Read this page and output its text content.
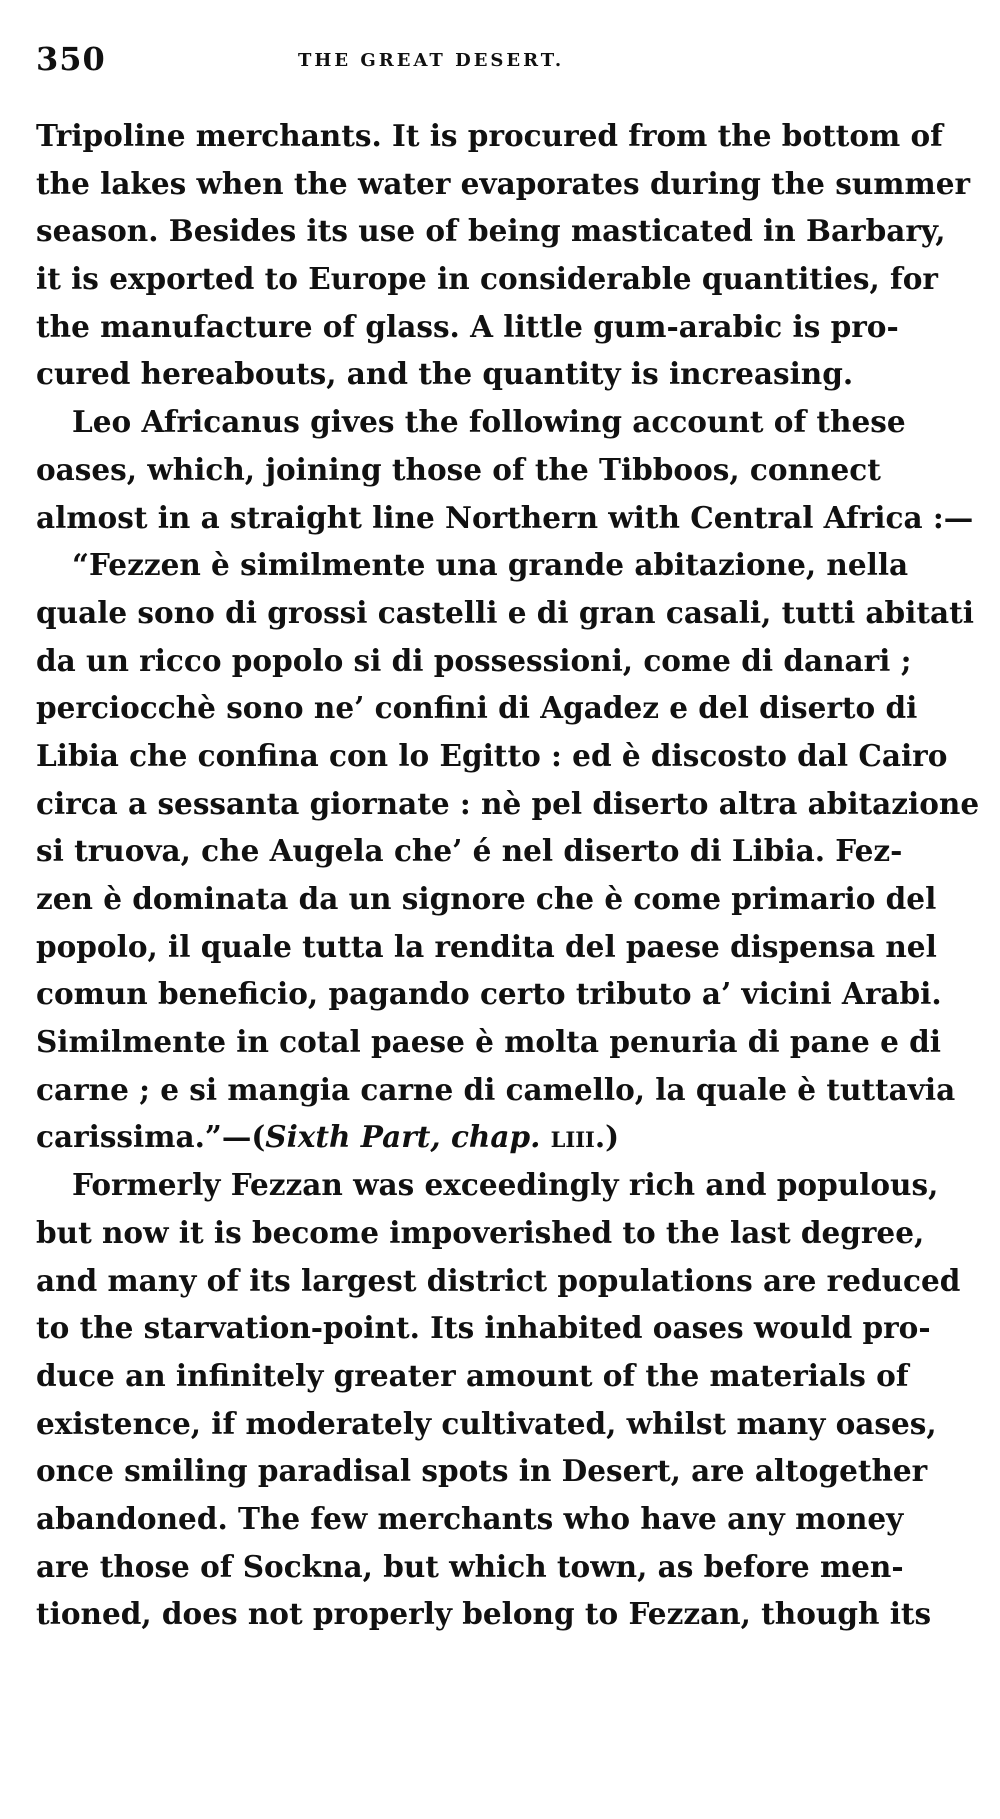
350	THE GREAT DESERT.
Tripoline merchants. It is procured from the bottom of
the lakes when the water evaporates during the summer
season. Besides its use of being masticated in Barbary,
it is exported to Europe in considerable quantities, for
the manufacture of glass. A little gum-arabic is pro-
cured hereabouts, and the quantity is increasing.
Leo Africanus gives the following account of these
oases, which, joining those of the Tibboos, connect
almost in a straight line Northern with Central Africa :—
“Fezzen è similmente una grande abitazione, nella
quale sono di grossi castelli e di gran casali, tutti abitati
da un ricco popolo si di possessioni, come di danari ;
perciocchè sono ne’ confini di Agadez e del diserto di
Libia che confina con lo Egitto : ed è discosto dal Cairo
circa a sessanta giornate : nè pel diserto altra abitazione
si truova, che Augela che’ é nel diserto di Libia. Fez-
zen è dominata da un signore che è come primario del
popolo, il quale tutta la rendita del paese dispensa nel
comun beneficio, pagando certo tributo a’ vicini Arabi.
Similmente in cotal paese è molta penuria di pane e di
carne ; e si mangia carne di camello, la quale è tuttavia
carissima.”—(Sixth Part, chap. liii.)
Formerly Fezzan was exceedingly rich and populous,
but now it is become impoverished to the last degree,
and many of its largest district populations are reduced
to the starvation-point. Its inhabited oases would pro-
duce an infinitely greater amount of the materials of
existence, if moderately cultivated, whilst many oases,
once smiling paradisal spots in Desert, are altogether
abandoned. The few merchants who have any money
are those of Sockna, but which town, as before men-
tioned, does not properly belong to Fezzan, though its
